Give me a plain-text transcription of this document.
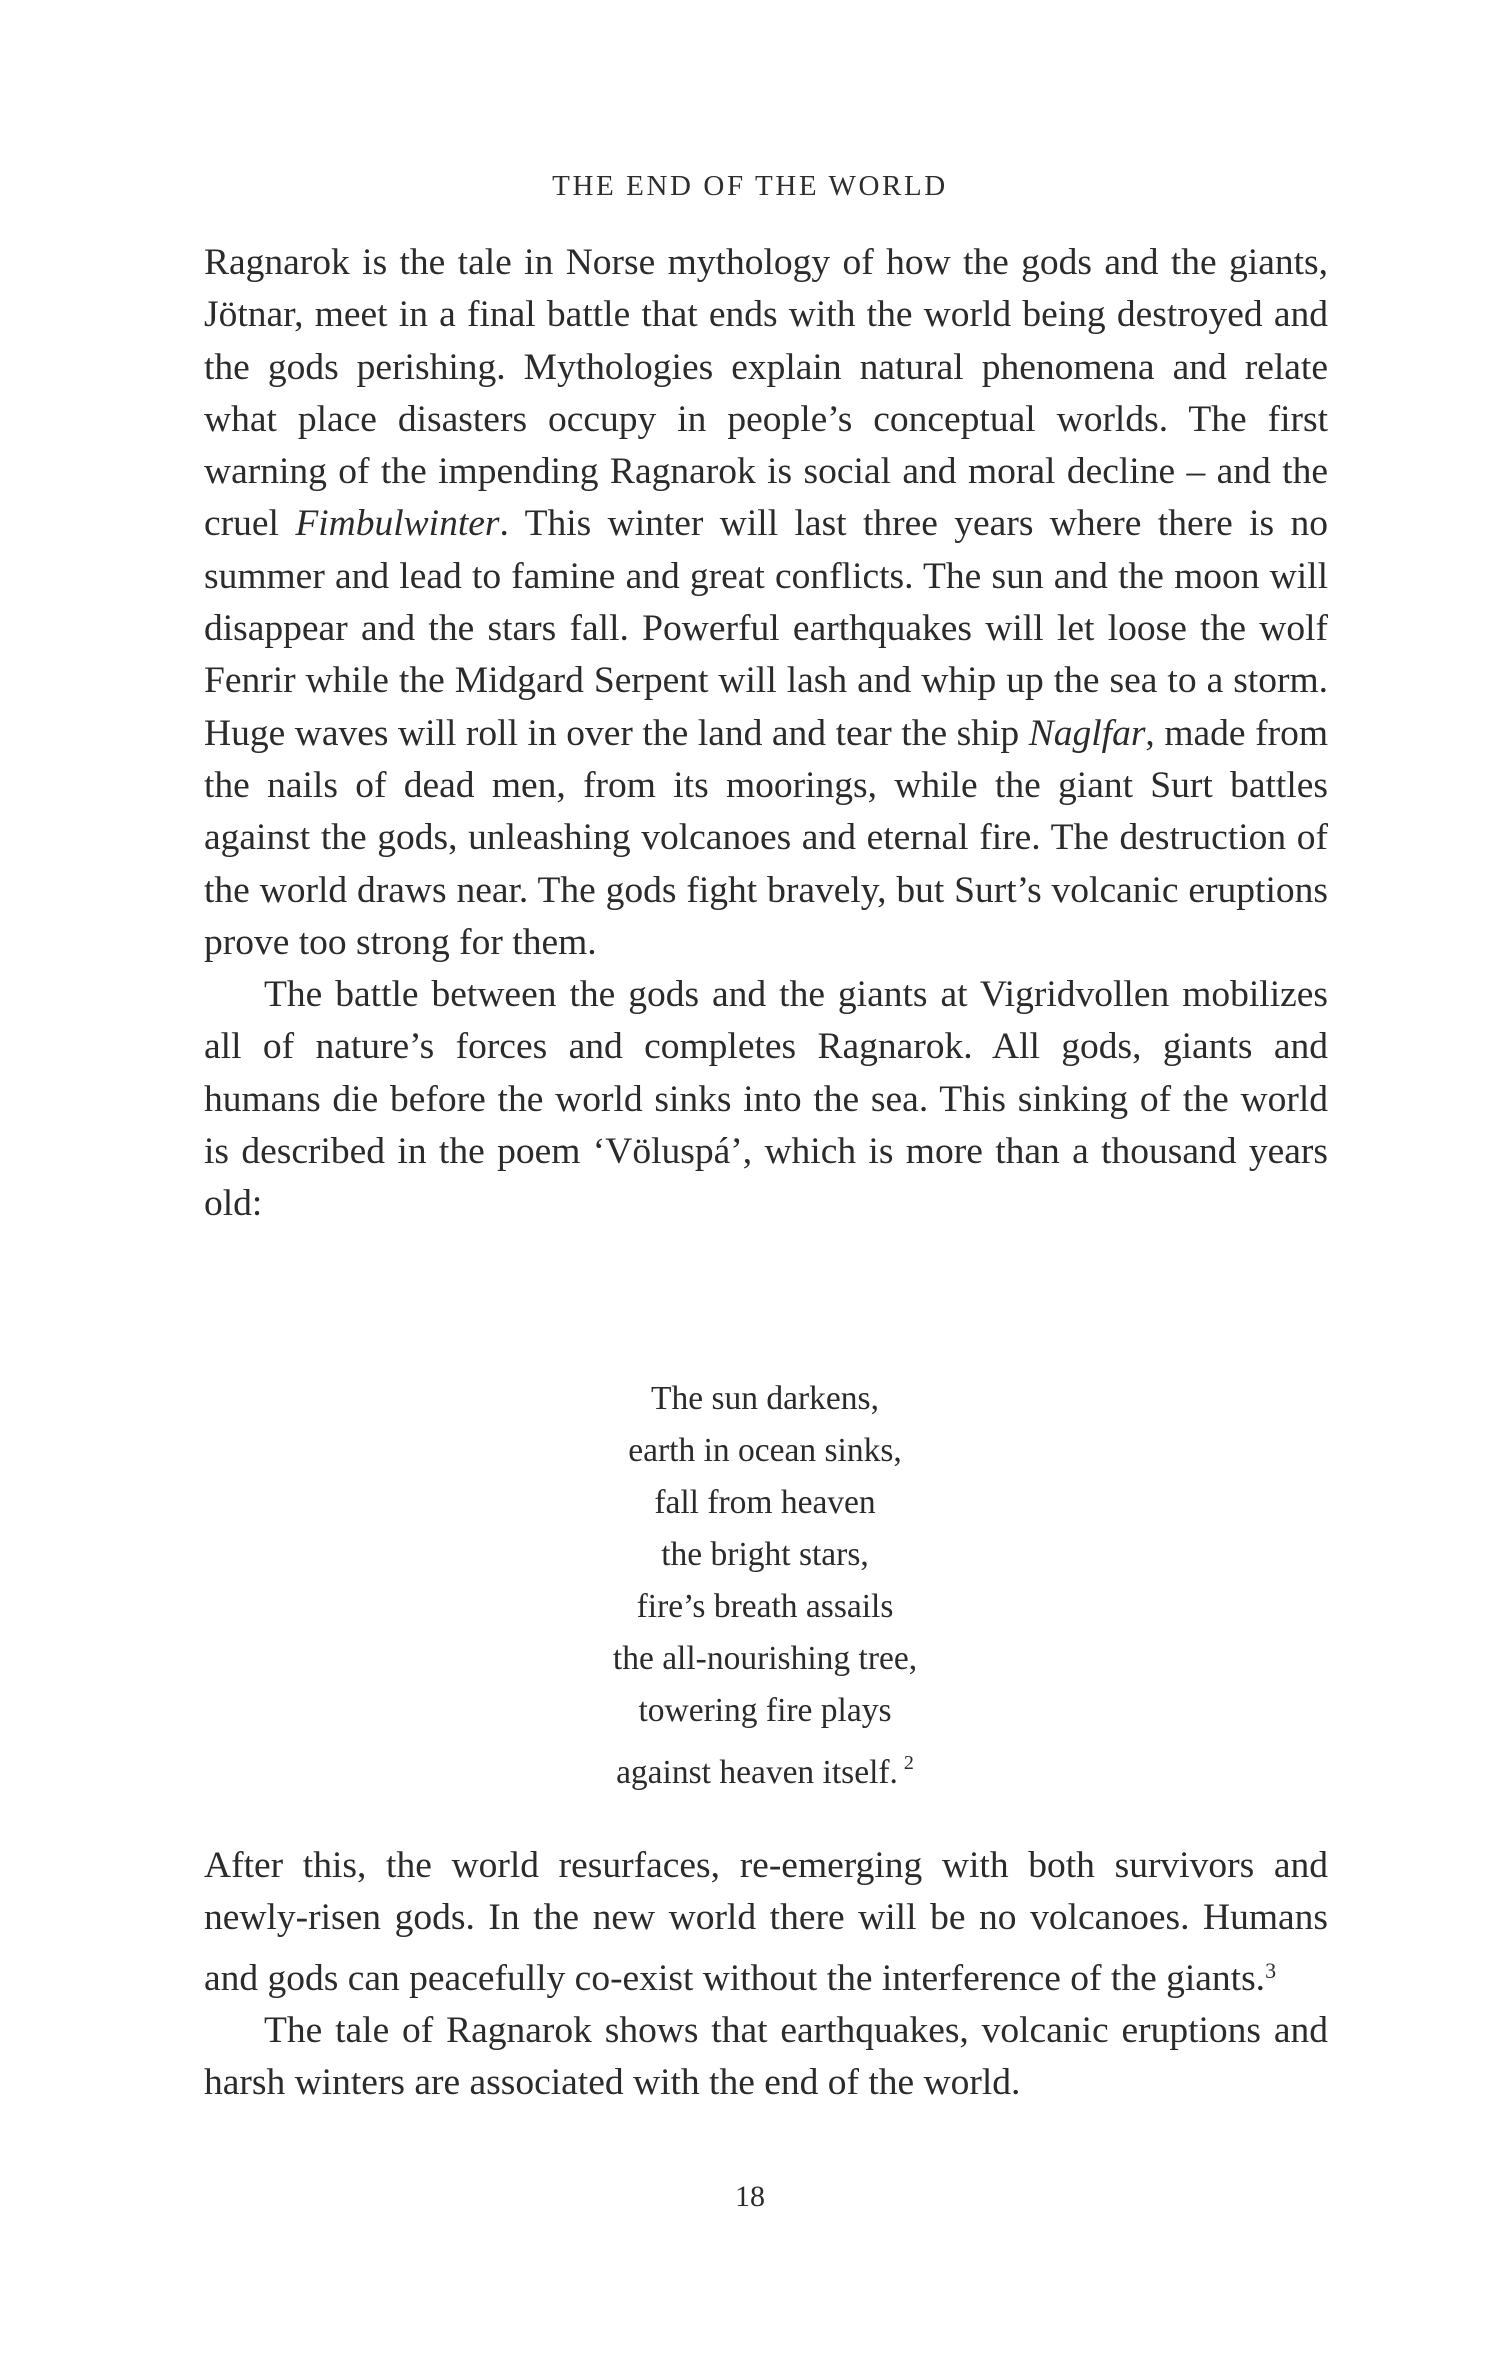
THE END OF THE WORLD

Ragnarok is the tale in Norse mythology of how the gods and the giants, Jötnar, meet in a final battle that ends with the world being destroyed and the gods perishing. Mythologies explain natural phenomena and relate what place disasters occupy in people’s conceptual worlds. The first warning of the impending Ragnarok is social and moral decline – and the cruel Fimbulwinter. This winter will last three years where there is no summer and lead to famine and great conflicts. The sun and the moon will disappear and the stars fall. Powerful earthquakes will let loose the wolf Fenrir while the Midgard Serpent will lash and whip up the sea to a storm. Huge waves will roll in over the land and tear the ship Naglfar, made from the nails of dead men, from its moorings, while the giant Surt battles against the gods, unleashing volcanoes and eternal fire. The destruction of the world draws near. The gods fight bravely, but Surt’s volcanic eruptions prove too strong for them.

The battle between the gods and the giants at Vigridvollen mobilizes all of nature’s forces and completes Ragnarok. All gods, giants and humans die before the world sinks into the sea. This sinking of the world is described in the poem ‘Völuspá’, which is more than a thousand years old:

The sun darkens,
earth in ocean sinks,
fall from heaven
the bright stars,
fire’s breath assails
the all-nourishing tree,
towering fire plays
against heaven itself. $^2$

After this, the world resurfaces, re-emerging with both survivors and newly-risen gods. In the new world there will be no volcanoes. Humans and gods can peacefully co-exist without the interference of the giants.$^3$

The tale of Ragnarok shows that earthquakes, volcanic eruptions and harsh winters are associated with the end of the world.

18
